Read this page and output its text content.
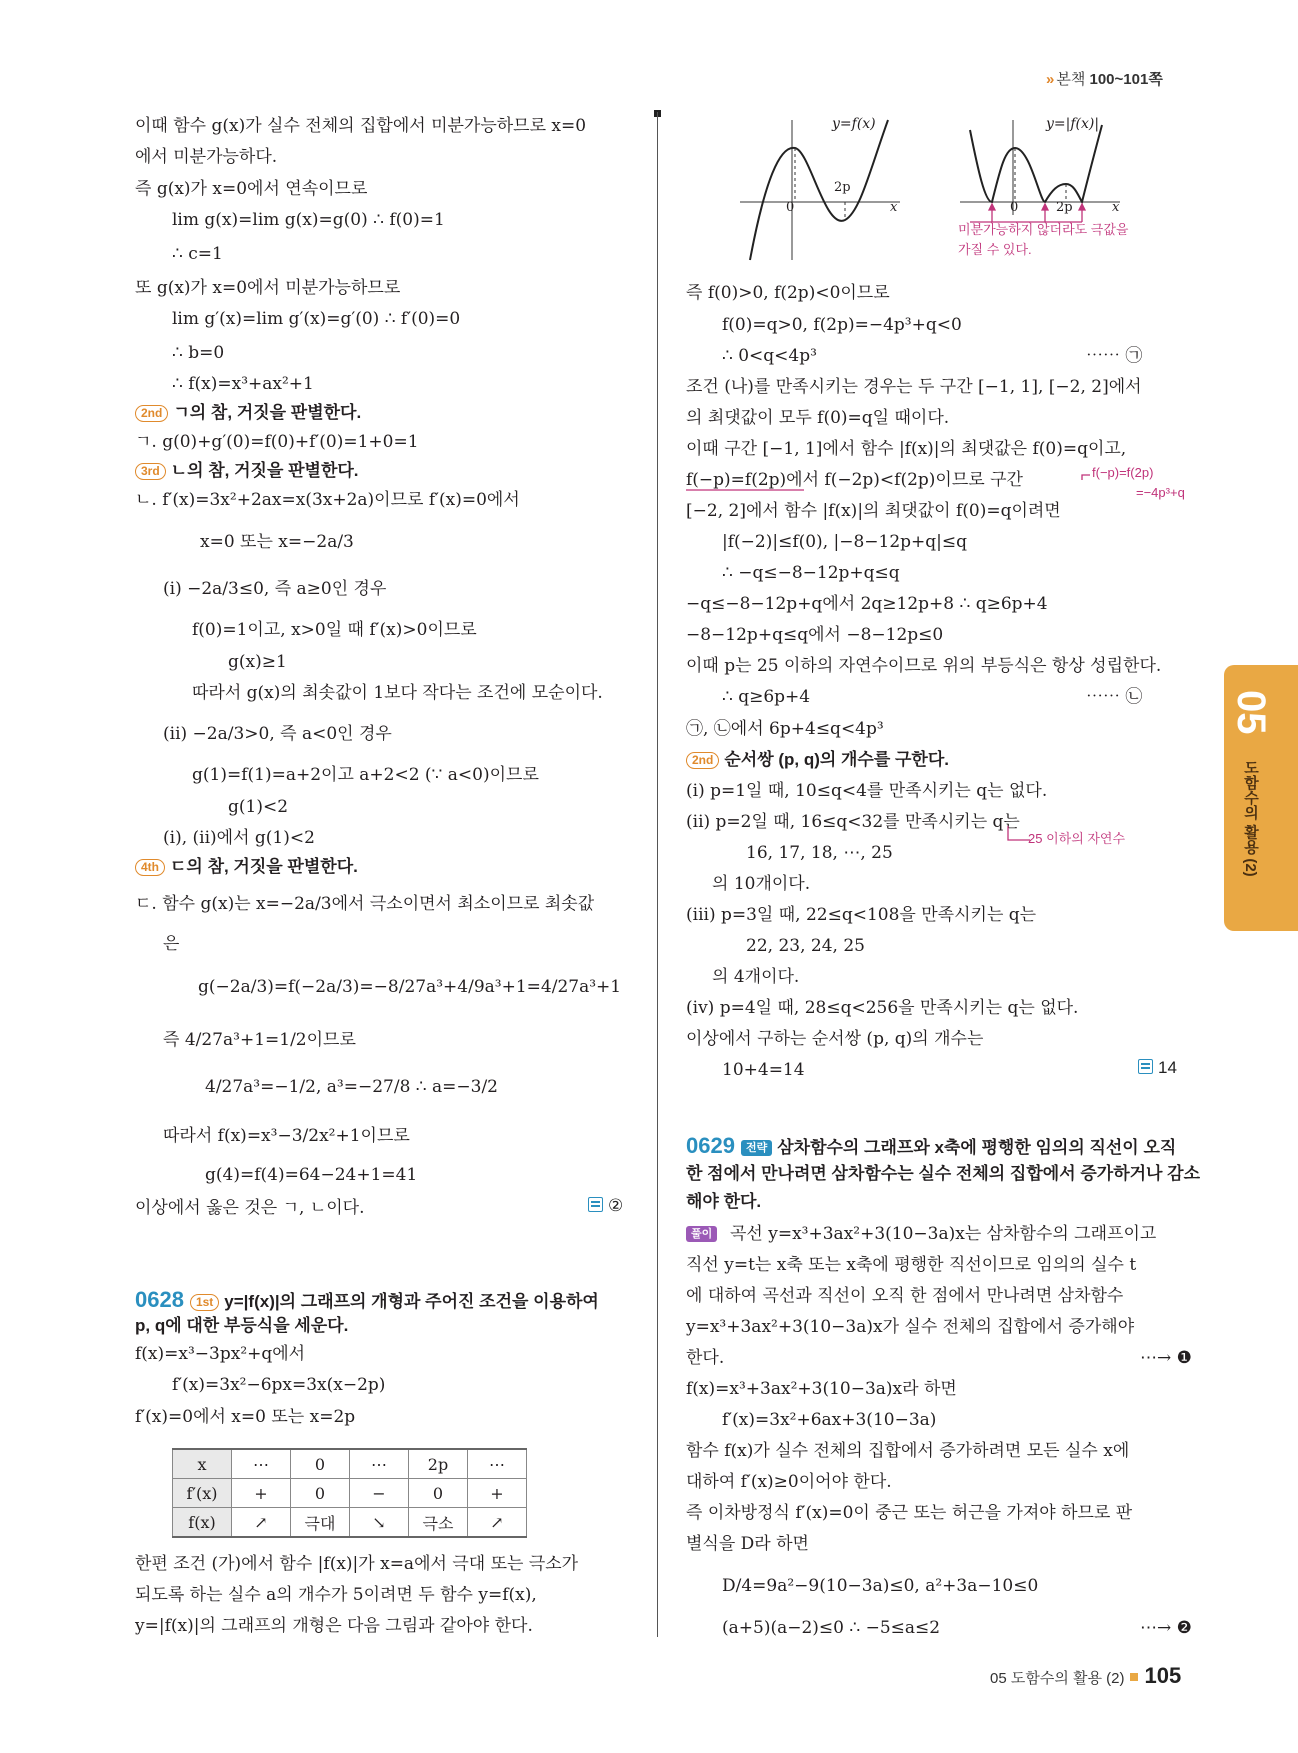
» 본책 100~101쪽
이때 함수 g(x)가 실수 전체의 집합에서 미분가능하므로 x=0
에서 미분가능하다.
즉 g(x)가 x=0에서 연속이므로
lim g(x)=lim g(x)=g(0) ∴ f(0)=1
∴ c=1
또 g(x)가 x=0에서 미분가능하므로
lim g′(x)=lim g′(x)=g′(0) ∴ f′(0)=0
∴ b=0
∴ f(x)=x³+ax²+1
ㄱ. g(0)+g′(0)=f(0)+f′(0)=1+0=1
ㄴ. f′(x)=3x²+2ax=x(3x+2a)이므로 f′(x)=0에서
x=0 또는 x=−2a/3
(i) −2a/3≤0, 즉 a≥0인 경우
f(0)=1이고, x>0일 때 f′(x)>0이므로
g(x)≥1
따라서 g(x)의 최솟값이 1보다 작다는 조건에 모순이다.
(ii) −2a/3>0, 즉 a<0인 경우
g(1)=f(1)=a+2이고 a+2<2 (∵ a<0)이므로
g(1)<2
(i), (ii)에서 g(1)<2
ㄷ. 함수 g(x)는 x=−2a/3에서 극소이면서 최소이므로 최솟값
은
g(−2a/3)=f(−2a/3)=−8/27a³+4/9a³+1=4/27a³+1
즉 4/27a³+1=1/2이므로
4/27a³=−1/2, a³=−27/8 ∴ a=−3/2
따라서 f(x)=x³−3/2x²+1이므로
g(4)=f(4)=64−24+1=41
이상에서 옳은 것은 ㄱ, ㄴ이다.
2nd ㄱ의 참, 거짓을 판별한다.
3rd ㄴ의 참, 거짓을 판별한다.
4th ㄷ의 참, 거짓을 판별한다.
②
0628 1st y=|f(x)|의 그래프의 개형과 주어진 조건을 이용하여
p, q에 대한 부등식을 세운다.
f(x)=x³−3px²+q에서
f′(x)=3x²−6px=3x(x−2p)
f′(x)=0에서 x=0 또는 x=2p
한편 조건 (가)에서 함수 |f(x)|가 x=a에서 극대 또는 극소가
되도록 하는 실수 a의 개수가 5이려면 두 함수 y=f(x),
y=|f(x)|의 그래프의 개형은 다음 그림과 같아야 한다.
x	⋯	0	⋯	2p	⋯
f′(x)	+	0	−	0	+
f(x)	↗	극대	↘	극소	↗
y=f(x)	y=|f(x)|
2p
0	x	0	2p	x
미분가능하지 않더라도 극값을
가질 수 있다.
즉 f(0)>0, f(2p)<0이므로
f(0)=q>0, f(2p)=−4p³+q<0
∴ 0<q<4p³
조건 (나)를 만족시키는 경우는 두 구간 [−1, 1], [−2, 2]에서
의 최댓값이 모두 f(0)=q일 때이다.
이때 구간 [−1, 1]에서 함수 |f(x)|의 최댓값은 f(0)=q이고,
f(−p)=f(2p)에서 f(−2p)<f(2p)이므로 구간
[−2, 2]에서 함수 |f(x)|의 최댓값이 f(0)=q이려면
|f(−2)|≤f(0), |−8−12p+q|≤q
∴ −q≤−8−12p+q≤q
−q≤−8−12p+q에서 2q≥12p+8 ∴ q≥6p+4
−8−12p+q≤q에서 −8−12p≤0
이때 p는 25 이하의 자연수이므로 위의 부등식은 항상 성립한다.
∴ q≥6p+4
㉠, ㉡에서 6p+4≤q<4p³
(i) p=1일 때, 10≤q<4를 만족시키는 q는 없다.
(ii) p=2일 때, 16≤q<32를 만족시키는 q는
16, 17, 18, ⋯, 25
의 10개이다.
(iii) p=3일 때, 22≤q<108을 만족시키는 q는
22, 23, 24, 25
의 4개이다.
(iv) p=4일 때, 28≤q<256을 만족시키는 q는 없다.
이상에서 구하는 순서쌍 (p, q)의 개수는
10+4=14
⋯⋯ ㉠
⋯⋯ ㉡
f(−p)=f(2p)
=−4p³+q
25 이하의 자연수
2nd 순서쌍 (p, q)의 개수를 구한다.
14
0629 전략 삼차함수의 그래프와 x축에 평행한 임의의 직선이 오직
한 점에서 만나려면 삼차함수는 실수 전체의 집합에서 증가하거나 감소
해야 한다.
풀이	곡선 y=x³+3ax²+3(10−3a)x는 삼차함수의 그래프이고
직선 y=t는 x축 또는 x축에 평행한 직선이므로 임의의 실수 t
에 대하여 곡선과 직선이 오직 한 점에서 만나려면 삼차함수
y=x³+3ax²+3(10−3a)x가 실수 전체의 집합에서 증가해야
한다.
f(x)=x³+3ax²+3(10−3a)x라 하면
f′(x)=3x²+6ax+3(10−3a)
함수 f(x)가 실수 전체의 집합에서 증가하려면 모든 실수 x에
대하여 f′(x)≥0이어야 한다.
즉 이차방정식 f′(x)=0이 중근 또는 허근을 가져야 하므로 판
별식을 D라 하면
D/4=9a²−9(10−3a)≤0, a²+3a−10≤0
(a+5)(a−2)≤0 ∴ −5≤a≤2
⋯→ ❶
⋯→ ❷
05
도함수의 활용 (2)
05 도함수의 활용 (2) 105
